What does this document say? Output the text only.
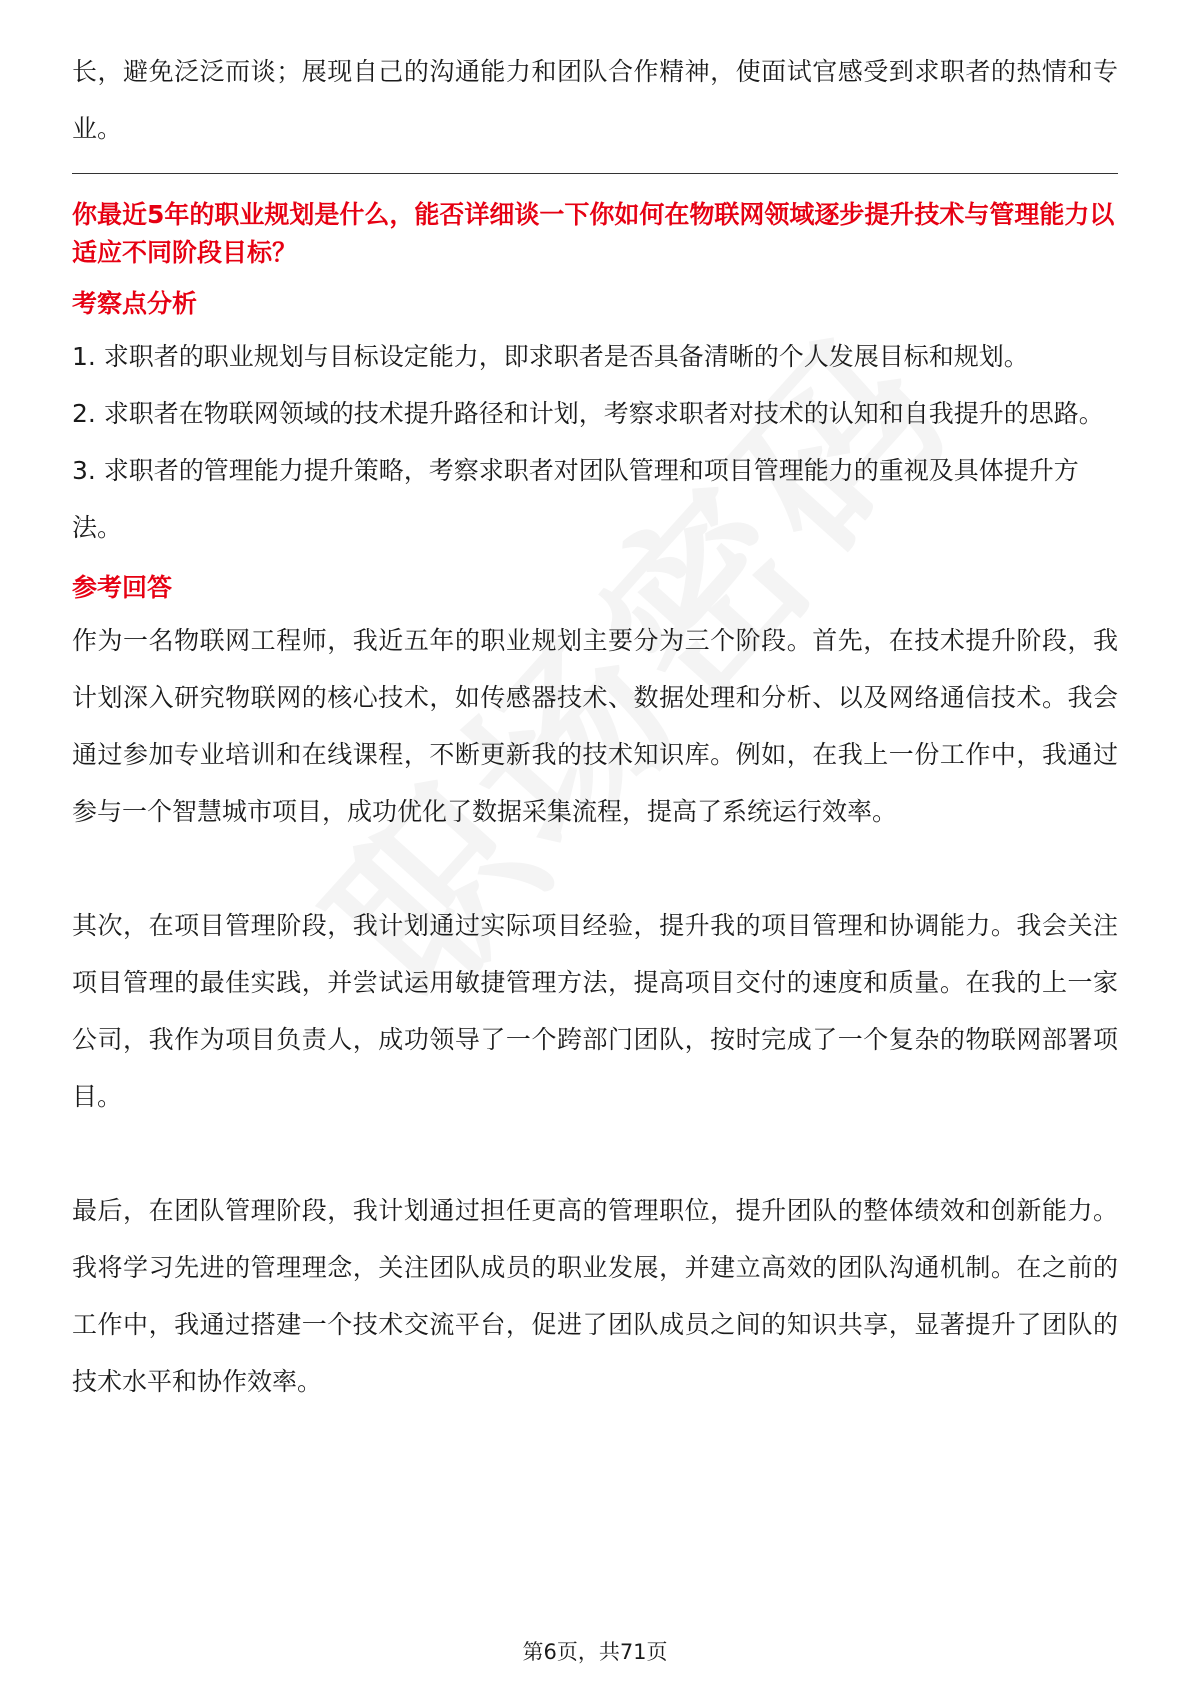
长，避免泛泛而谈；展现自己的沟通能力和团队合作精神，使面试官感受到求职者的热情和专业。

你最近5年的职业规划是什么，能否详细谈一下你如何在物联网领域逐步提升技术与管理能力以适应不同阶段目标？

考察点分析

1. 求职者的职业规划与目标设定能力，即求职者是否具备清晰的个人发展目标和规划。

2. 求职者在物联网领域的技术提升路径和计划，考察求职者对技术的认知和自我提升的思路。

3. 求职者的管理能力提升策略，考察求职者对团队管理和项目管理能力的重视及具体提升方法。

参考回答

作为一名物联网工程师，我近五年的职业规划主要分为三个阶段。首先，在技术提升阶段，我计划深入研究物联网的核心技术，如传感器技术、数据处理和分析、以及网络通信技术。我会通过参加专业培训和在线课程，不断更新我的技术知识库。例如，在我上一份工作中，我通过参与一个智慧城市项目，成功优化了数据采集流程，提高了系统运行效率。

其次，在项目管理阶段，我计划通过实际项目经验，提升我的项目管理和协调能力。我会关注项目管理的最佳实践，并尝试运用敏捷管理方法，提高项目交付的速度和质量。在我的上一家公司，我作为项目负责人，成功领导了一个跨部门团队，按时完成了一个复杂的物联网部署项目。

最后，在团队管理阶段，我计划通过担任更高的管理职位，提升团队的整体绩效和创新能力。我将学习先进的管理理念，关注团队成员的职业发展，并建立高效的团队沟通机制。在之前的工作中，我通过搭建一个技术交流平台，促进了团队成员之间的知识共享，显著提升了团队的技术水平和协作效率。

第6页，共71页
